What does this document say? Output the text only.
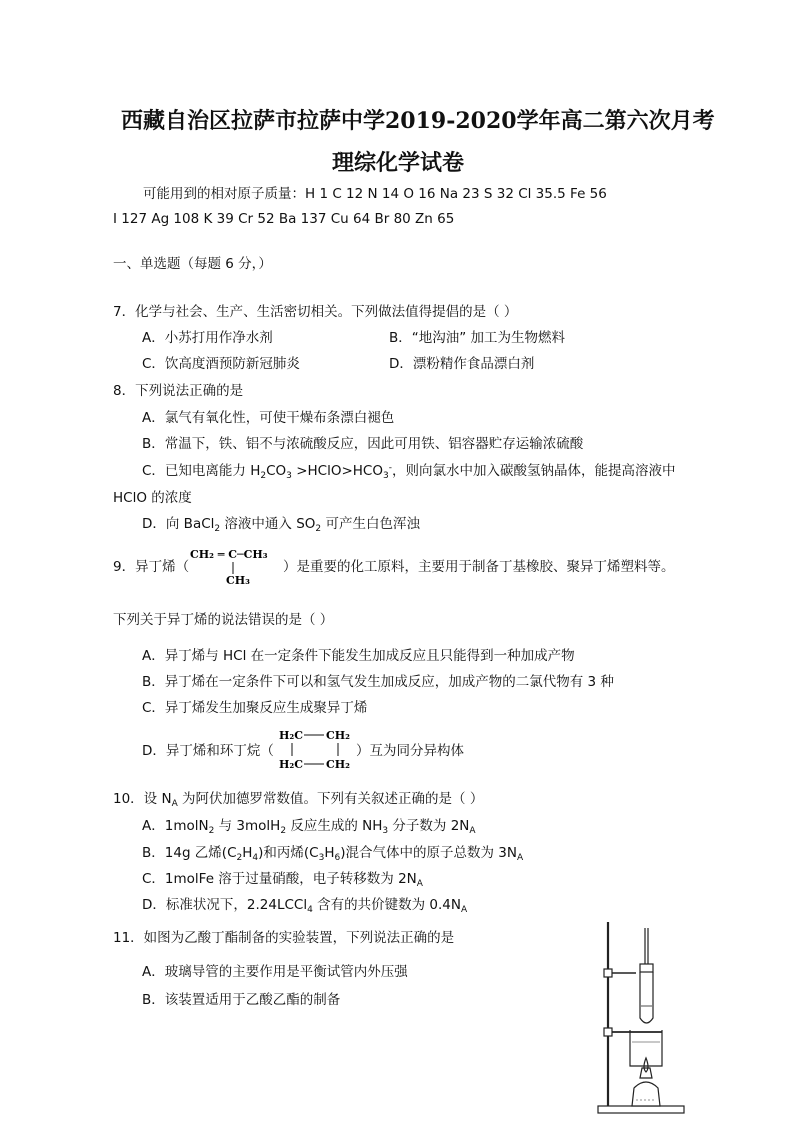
西藏自治区拉萨市拉萨中学2019-2020学年高二第六次月考
理综化学试卷
可能用到的相对原子质量：H 1 C 12 N 14 O 16 Na 23 S 32 Cl 35.5 Fe 56
I 127 Ag 108 K 39 Cr 52 Ba 137 Cu 64 Br 80 Zn 65
一、单选题（每题 6 分，）
7．化学与社会、生产、生活密切相关。下列做法值得提倡的是（ ）
A．小苏打用作净水剂	B．“地沟油” 加工为生物燃料
C．饮高度酒预防新冠肺炎	D．漂粉精作食品漂白剂
8．下列说法正确的是
A．氯气有氧化性，可使干燥布条漂白褪色
B．常温下，铁、铝不与浓硫酸反应，因此可用铁、铝容器贮存运输浓硫酸
C．已知电离能力 $H_2CO_3$ $>HClO>HCO_3^-$，则向氯水中加入碳酸氢钠晶体，能提高溶液中
HClO 的浓度
D．向 BaCl$_2$ 溶液中通入 $SO_2$ 可产生白色浑浊
9．异丁烯（
CH₂ ═ C─CH₃
CH₃
）是重要的化工原料，主要用于制备丁基橡胶、聚异丁烯塑料等。
下列关于异丁烯的说法错误的是（ ）
A．异丁烯与 HCl 在一定条件下能发生加成反应且只能得到一种加成产物
B．异丁烯在一定条件下可以和氢气发生加成反应，加成产物的二氯代物有 3 种
C．异丁烯发生加聚反应生成聚异丁烯
D．异丁烯和环丁烷（
H₂C CH₂
H₂C CH₂
）互为同分异构体
10．设 $N_A$ 为阿伏加德罗常数值。下列有关叙述正确的是（ ）
A．1molN$_2$ 与 3molH$_2$ 反应生成的 $NH_3$ 分子数为 $2N_A$
B．14g 乙烯$(C_2H_4)$和丙烯$(C_3H_6)$混合气体中的原子总数为 $3N_A$
C．1molFe 溶于过量硝酸，电子转移数为 $2N_A$
D．标准状况下，2.24LCCl$_4$ 含有的共价键数为 $0.4N_A$
11．如图为乙酸丁酯制备的实验装置，下列说法正确的是
A．玻璃导管的主要作用是平衡试管内外压强
B．该装置适用于乙酸乙酯的制备
